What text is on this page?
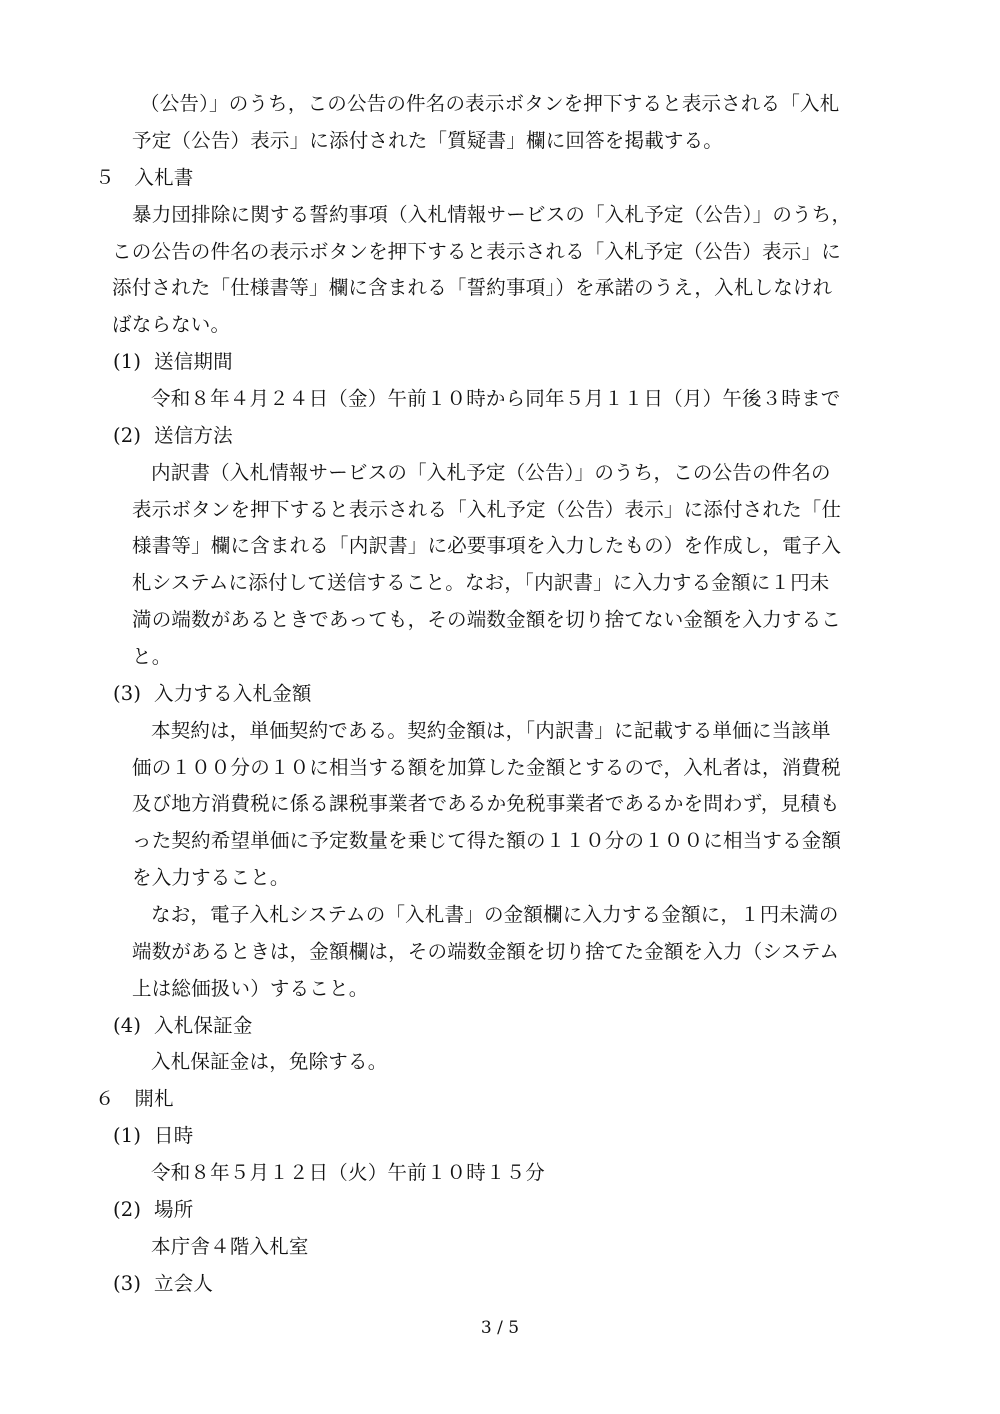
（公告）」のうち，この公告の件名の表示ボタンを押下すると表示される「入札
予定（公告）表示」に添付された「質疑書」欄に回答を掲載する。
５　入札書
暴力団排除に関する誓約事項（入札情報サービスの「入札予定（公告）」のうち，
この公告の件名の表示ボタンを押下すると表示される「入札予定（公告）表示」に
添付された「仕様書等」欄に含まれる「誓約事項」）を承諾のうえ，入札しなけれ
ばならない。
(1)  送信期間
令和８年４月２４日（金）午前１０時から同年５月１１日（月）午後３時まで
(2)  送信方法
内訳書（入札情報サービスの「入札予定（公告）」のうち，この公告の件名の
表示ボタンを押下すると表示される「入札予定（公告）表示」に添付された「仕
様書等」欄に含まれる「内訳書」に必要事項を入力したもの）を作成し，電子入
札システムに添付して送信すること。なお，「内訳書」に入力する金額に１円未
満の端数があるときであっても，その端数金額を切り捨てない金額を入力するこ
と。
(3)  入力する入札金額
本契約は，単価契約である。契約金額は，「内訳書」に記載する単価に当該単
価の１００分の１０に相当する額を加算した金額とするので，入札者は，消費税
及び地方消費税に係る課税事業者であるか免税事業者であるかを問わず，見積も
った契約希望単価に予定数量を乗じて得た額の１１０分の１００に相当する金額
を入力すること。
なお，電子入札システムの「入札書」の金額欄に入力する金額に，１円未満の
端数があるときは，金額欄は，その端数金額を切り捨てた金額を入力（システム
上は総価扱い）すること。
(4)  入札保証金
入札保証金は，免除する。
６　開札
(1)  日時
令和８年５月１２日（火）午前１０時１５分
(2)  場所
本庁舎４階入札室
(3)  立会人
3 / 5
